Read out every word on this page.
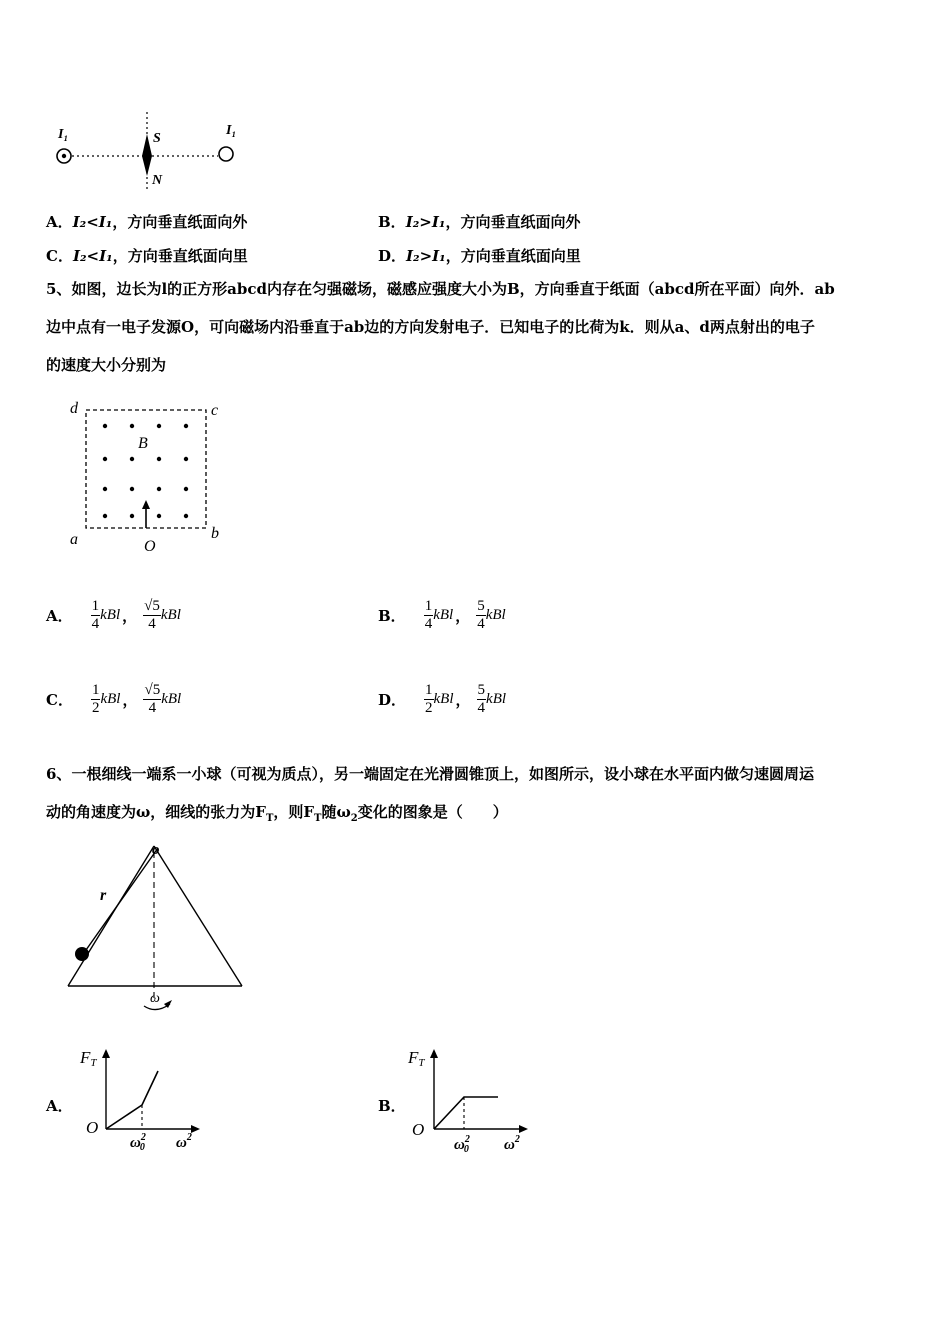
I₁	I₁
S
N
A．I₂<I₁，方向垂直纸面向外	B．I₂>I₁，方向垂直纸面向外
C．I₂<I₁，方向垂直纸面向里	D．I₂>I₁，方向垂直纸面向里
5、如图，边长为l的正方形abcd内存在匀强磁场，磁感应强度大小为B，方向垂直于纸面（abcd所在平面）向外．ab
边中点有一电子发源O，可向磁场内沿垂直于ab边的方向发射电子．已知电子的比荷为k．则从a、d两点射出的电子
的速度大小分别为
d	c
a	b
B
O
A． $\frac{1}{4}$ kBl ， $\frac{√5}{4}$ kBl	B． $\frac{1}{4}$ kBl ， $\frac{5}{4}$ kBl
C． $\frac{1}{2}$ kBl ， $\frac{√5}{4}$ kBl	D． $\frac{1}{2}$ kBl ， $\frac{5}{4}$ kBl
6、一根细线一端系一小球（可视为质点），另一端固定在光滑圆锥顶上，如图所示，设小球在水平面内做匀速圆周运
动的角速度为ω，细线的张力为$F_T$，则$F_T$随$\omega_2$变化的图象是（　　）
o
r
ω
A．
FT
O
$\omega^2$ 0 $\omega^2$
B．
FT
O
$\omega^2$ 0 $\omega^2$
